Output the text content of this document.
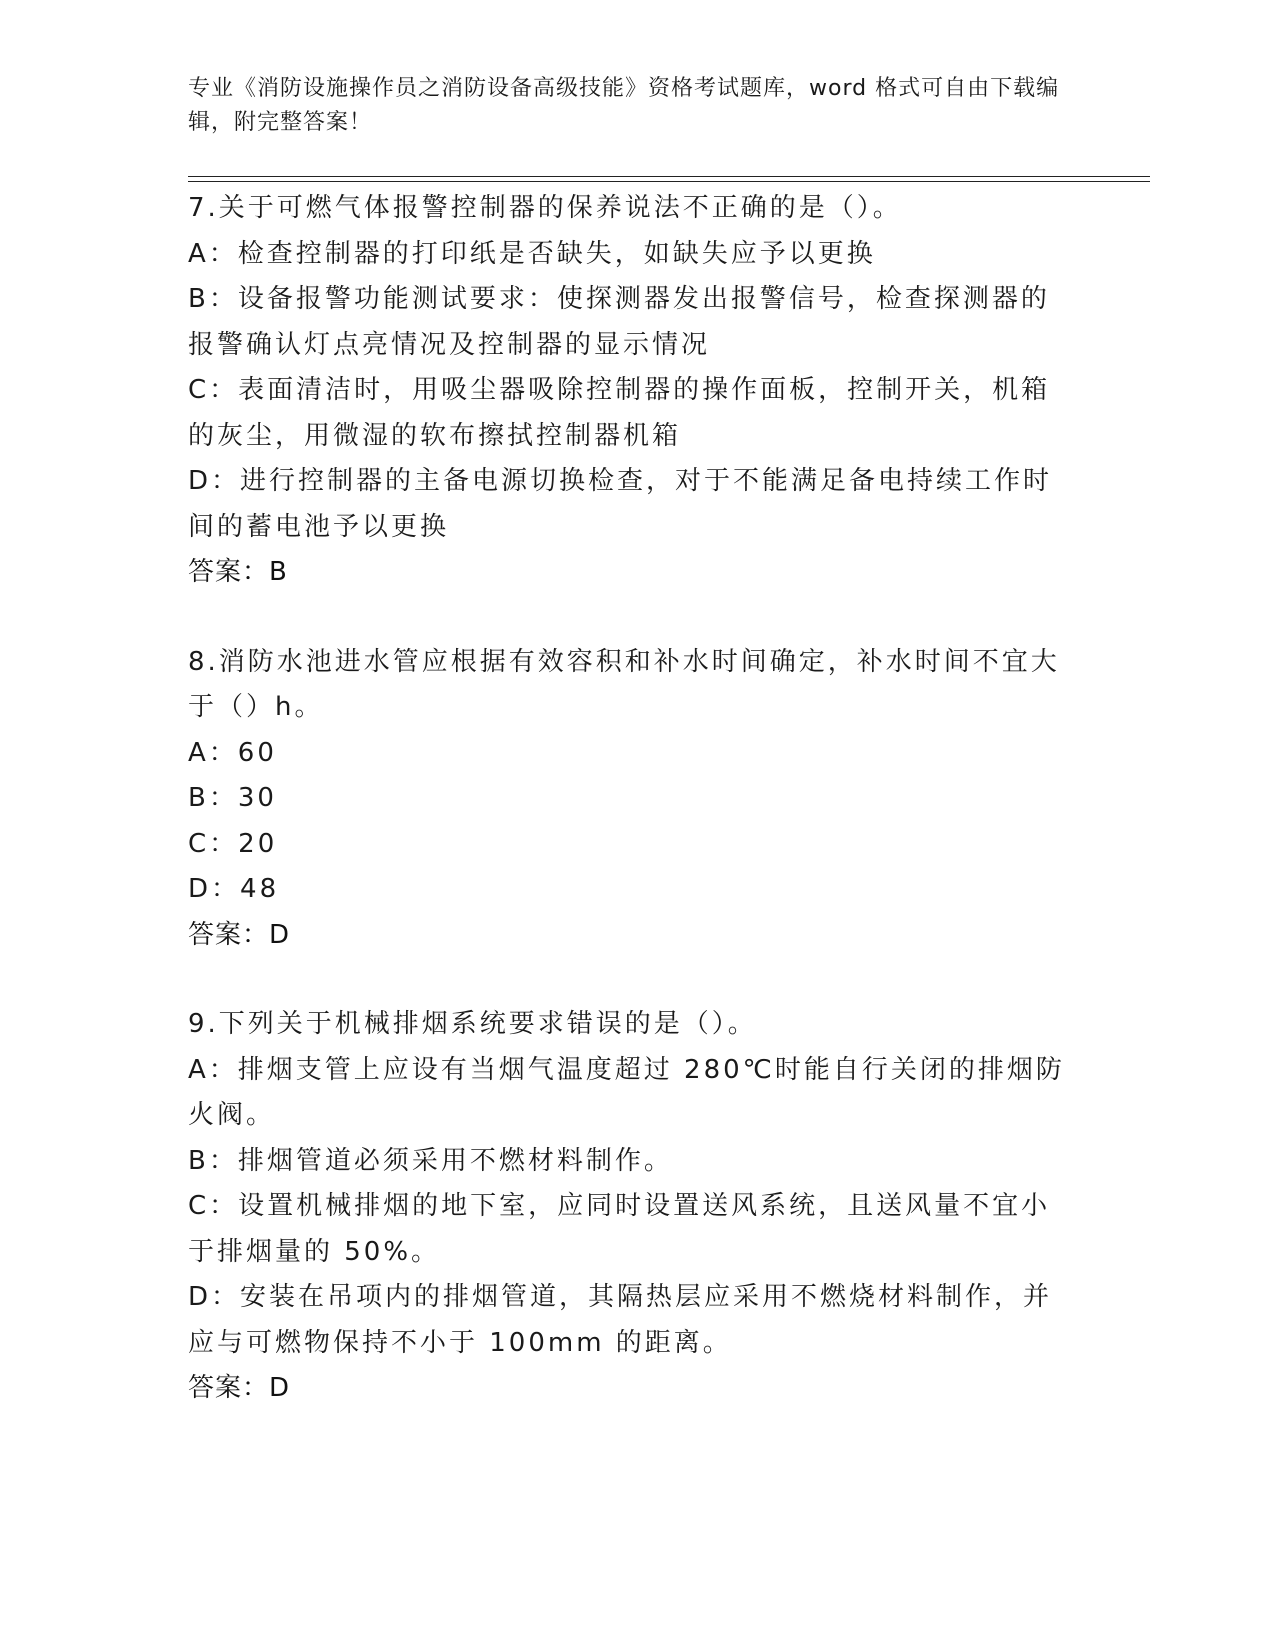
专业《消防设施操作员之消防设备高级技能》资格考试题库，word 格式可自由下载编辑，附完整答案！
7.关于可燃气体报警控制器的保养说法不正确的是（）。
A：检查控制器的打印纸是否缺失，如缺失应予以更换
B：设备报警功能测试要求：使探测器发出报警信号，检查探测器的报警确认灯点亮情况及控制器的显示情况
C：表面清洁时，用吸尘器吸除控制器的操作面板，控制开关，机箱的灰尘，用微湿的软布擦拭控制器机箱
D：进行控制器的主备电源切换检查，对于不能满足备电持续工作时间的蓄电池予以更换
答案：B
8.消防水池进水管应根据有效容积和补水时间确定，补水时间不宜大于（）h。
A：60
B：30
C：20
D：48
答案：D
9.下列关于机械排烟系统要求错误的是（）。
A：排烟支管上应设有当烟气温度超过 280℃时能自行关闭的排烟防火阀。
B：排烟管道必须采用不燃材料制作。
C：设置机械排烟的地下室，应同时设置送风系统，且送风量不宜小于排烟量的 50%。
D：安装在吊项内的排烟管道，其隔热层应采用不燃烧材料制作，并应与可燃物保持不小于 100mm 的距离。
答案：D
